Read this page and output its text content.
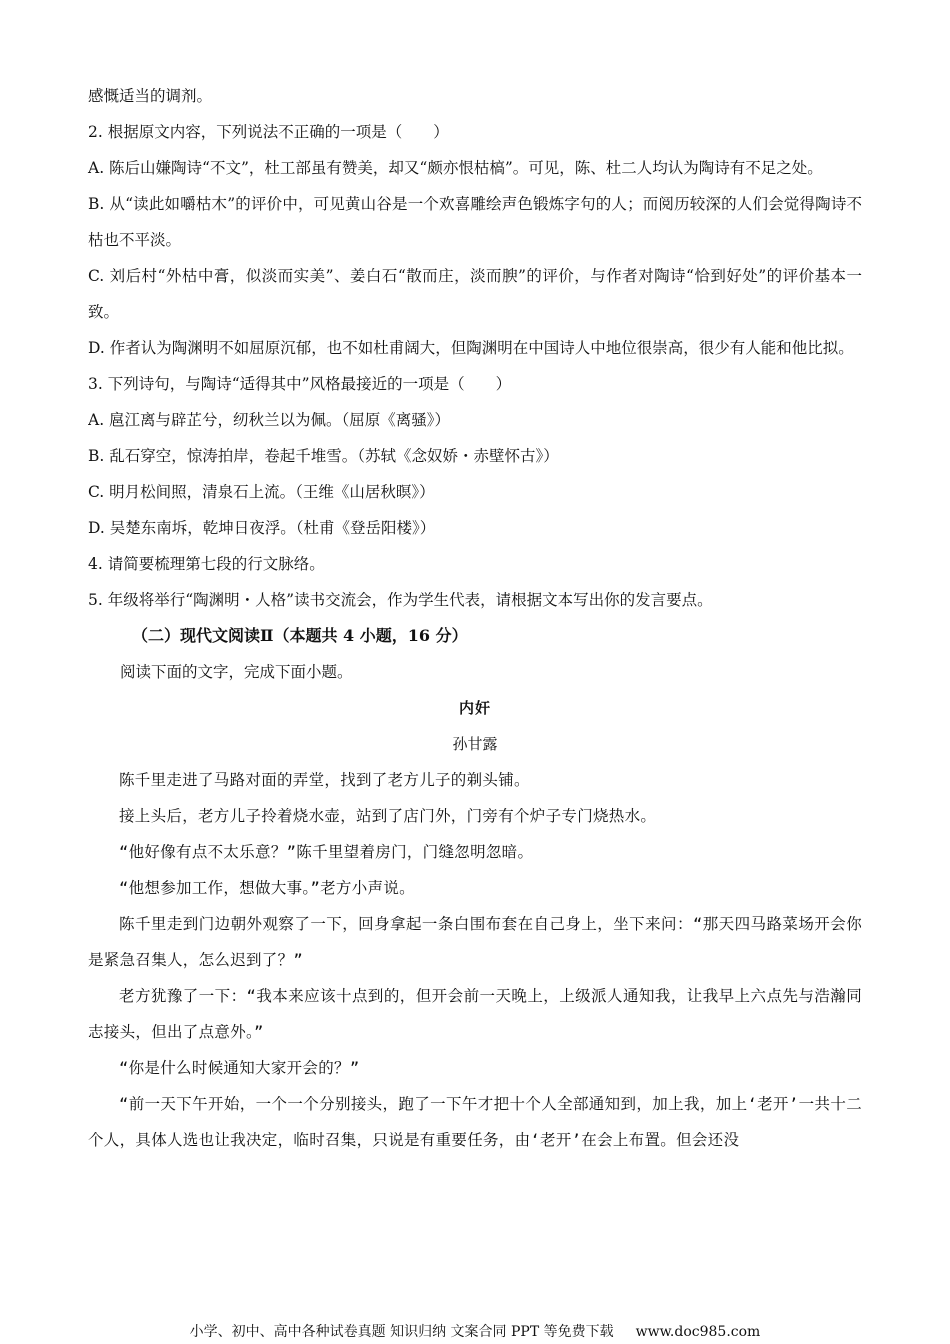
感慨适当的调剂。
2. 根据原文内容，下列说法不正确的一项是（　　）
A. 陈后山嫌陶诗“不文”，杜工部虽有赞美，却又“颇亦恨枯槁”。可见，陈、杜二人均认为陶诗有不足之处。
B. 从“读此如嚼枯木”的评价中，可见黄山谷是一个欢喜雕绘声色锻炼字句的人；而阅历较深的人们会觉得陶诗不枯也不平淡。
C. 刘后村“外枯中膏，似淡而实美”、姜白石“散而庄，淡而腴”的评价，与作者对陶诗“恰到好处”的评价基本一致。
D. 作者认为陶渊明不如屈原沉郁，也不如杜甫阔大，但陶渊明在中国诗人中地位很崇高，很少有人能和他比拟。
3. 下列诗句，与陶诗“适得其中”风格最接近的一项是（　　）
A. 扈江离与辟芷兮，纫秋兰以为佩。（屈原《离骚》）
B. 乱石穿空，惊涛拍岸，卷起千堆雪。（苏轼《念奴娇・赤壁怀古》）
C. 明月松间照，清泉石上流。（王维《山居秋暝》）
D. 吴楚东南坼，乾坤日夜浮。（杜甫《登岳阳楼》）
4. 请简要梳理第七段的行文脉络。
5. 年级将举行“陶渊明・人格”读书交流会，作为学生代表，请根据文本写出你的发言要点。
（二）现代文阅读Ⅱ（本题共 4 小题，16 分）
阅读下面的文字，完成下面小题。
内奸
孙甘露
陈千里走进了马路对面的弄堂，找到了老方儿子的剃头铺。
接上头后，老方儿子拎着烧水壶，站到了店门外，门旁有个炉子专门烧热水。
“他好像有点不太乐意？”陈千里望着房门，门缝忽明忽暗。
“他想参加工作，想做大事。”老方小声说。
陈千里走到门边朝外观察了一下，回身拿起一条白围布套在自己身上，坐下来问：“那天四马路菜场开会你是紧急召集人，怎么迟到了？”
老方犹豫了一下：“我本来应该十点到的，但开会前一天晚上，上级派人通知我，让我早上六点先与浩瀚同志接头，但出了点意外。”
“你是什么时候通知大家开会的？”
“前一天下午开始，一个一个分别接头，跑了一下午才把十个人全部通知到，加上我，加上‘老开’一共十二个人，具体人选也让我决定，临时召集，只说是有重要任务，由‘老开’在会上布置。但会还没
小学、初中、高中各种试卷真题 知识归纳 文案合同 PPT 等免费下载 www.doc985.com
